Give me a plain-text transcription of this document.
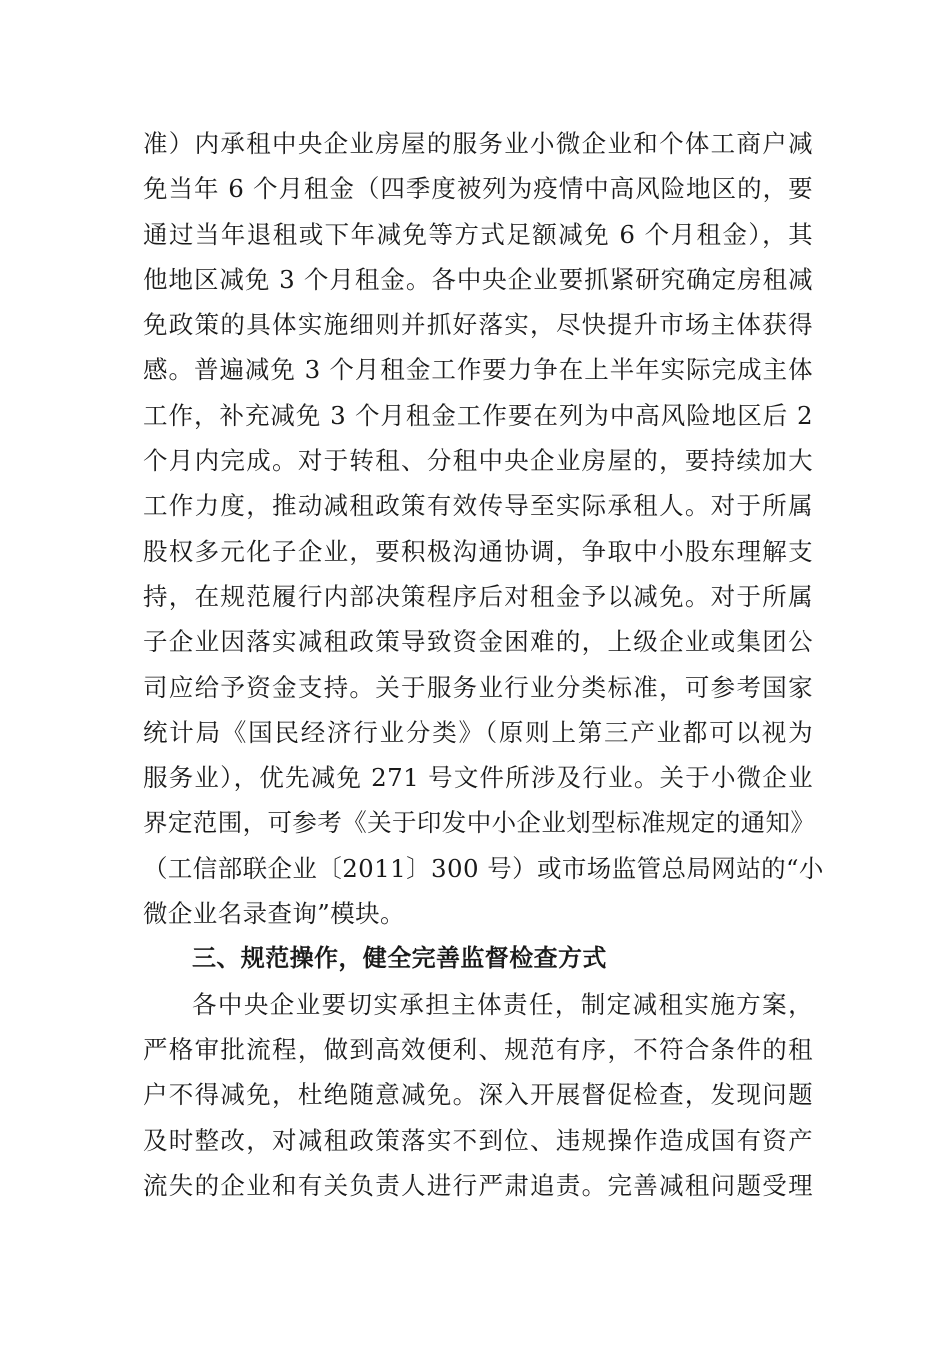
准）内承租中央企业房屋的服务业小微企业和个体工商户减
免当年 6 个月租金（四季度被列为疫情中高风险地区的，要
通过当年退租或下年减免等方式足额减免 6 个月租金），其
他地区减免 3 个月租金。各中央企业要抓紧研究确定房租减
免政策的具体实施细则并抓好落实，尽快提升市场主体获得
感。普遍减免 3 个月租金工作要力争在上半年实际完成主体
工作，补充减免 3 个月租金工作要在列为中高风险地区后 2
个月内完成。对于转租、分租中央企业房屋的，要持续加大
工作力度，推动减租政策有效传导至实际承租人。对于所属
股权多元化子企业，要积极沟通协调，争取中小股东理解支
持，在规范履行内部决策程序后对租金予以减免。对于所属
子企业因落实减租政策导致资金困难的，上级企业或集团公
司应给予资金支持。关于服务业行业分类标准，可参考国家
统计局《国民经济行业分类》（原则上第三产业都可以视为
服务业），优先减免 271 号文件所涉及行业。关于小微企业
界定范围，可参考《关于印发中小企业划型标准规定的通知》
（工信部联企业〔2011〕300 号）或市场监管总局网站的“小
微企业名录查询”模块。
三、规范操作，健全完善监督检查方式
各中央企业要切实承担主体责任，制定减租实施方案，
严格审批流程，做到高效便利、规范有序，不符合条件的租
户不得减免，杜绝随意减免。深入开展督促检查，发现问题
及时整改，对减租政策落实不到位、违规操作造成国有资产
流失的企业和有关负责人进行严肃追责。完善减租问题受理
